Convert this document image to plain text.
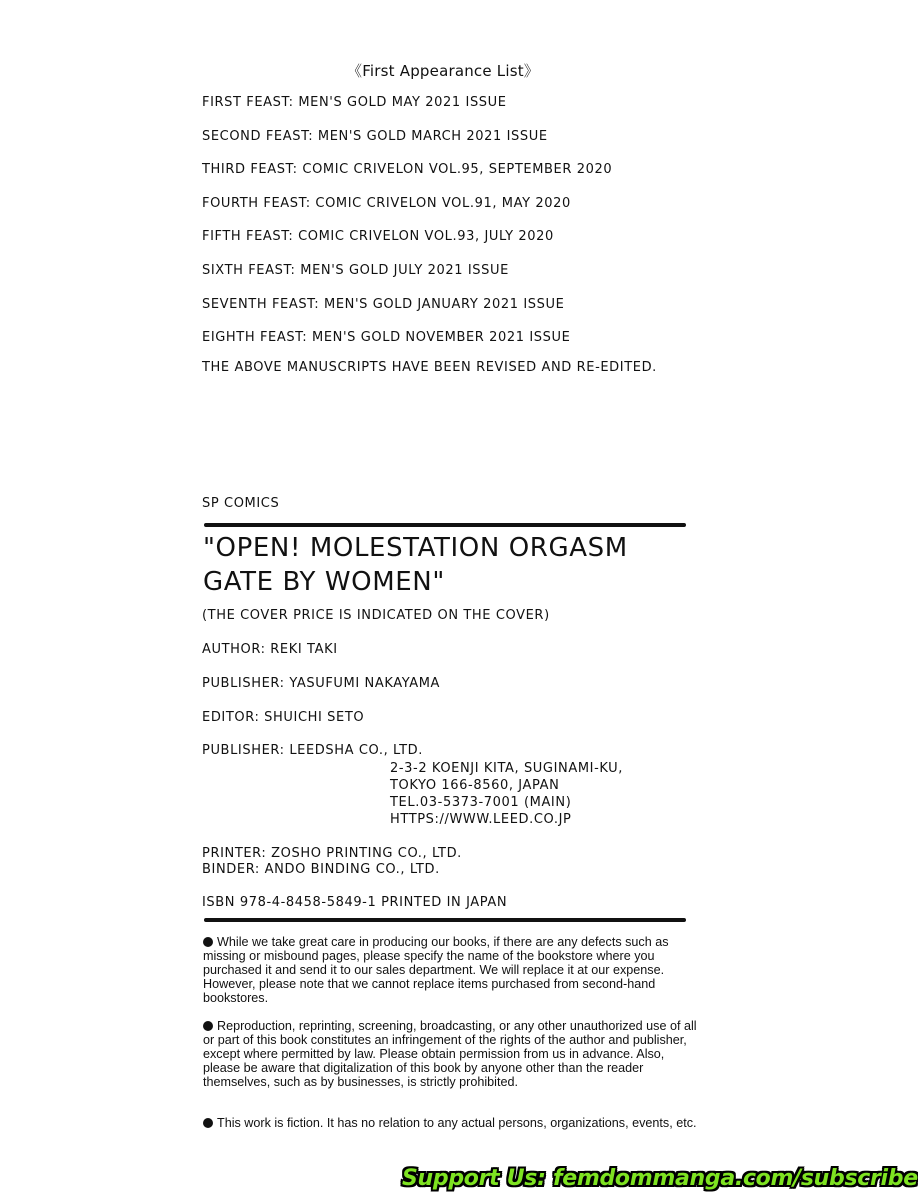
《First Appearance List》
FIRST FEAST: MEN'S GOLD MAY 2021 ISSUE
SECOND FEAST: MEN'S GOLD MARCH 2021 ISSUE
THIRD FEAST: COMIC CRIVELON VOL.95, SEPTEMBER 2020
FOURTH FEAST: COMIC CRIVELON VOL.91, MAY 2020
FIFTH FEAST: COMIC CRIVELON VOL.93, JULY 2020
SIXTH FEAST: MEN'S GOLD JULY 2021 ISSUE
SEVENTH FEAST: MEN'S GOLD JANUARY 2021 ISSUE
EIGHTH FEAST: MEN'S GOLD NOVEMBER 2021 ISSUE
THE ABOVE MANUSCRIPTS HAVE BEEN REVISED AND RE-EDITED.
SP COMICS
"OPEN! MOLESTATION ORGASM GATE BY WOMEN"
(THE COVER PRICE IS INDICATED ON THE COVER)
AUTHOR: REKI TAKI
PUBLISHER: YASUFUMI NAKAYAMA
EDITOR: SHUICHI SETO
PUBLISHER: LEEDSHA CO., LTD.
2-3-2 KOENJI KITA, SUGINAMI-KU,
TOKYO 166-8560, JAPAN
TEL.03-5373-7001 (MAIN)
HTTPS://WWW.LEED.CO.JP
PRINTER: ZOSHO PRINTING CO., LTD.
BINDER: ANDO BINDING CO., LTD.
ISBN 978-4-8458-5849-1 PRINTED IN JAPAN
While we take great care in producing our books, if there are any defects such as missing or misbound pages, please specify the name of the bookstore where you purchased it and send it to our sales department. We will replace it at our expense. However, please note that we cannot replace items purchased from second-hand bookstores.
Reproduction, reprinting, screening, broadcasting, or any other unauthorized use of all or part of this book constitutes an infringement of the rights of the author and publisher, except where permitted by law. Please obtain permission from us in advance. Also, please be aware that digitalization of this book by anyone other than the reader themselves, such as by businesses, is strictly prohibited.
This work is fiction. It has no relation to any actual persons, organizations, events, etc.
Support Us: femdommanga.com/subscribe
